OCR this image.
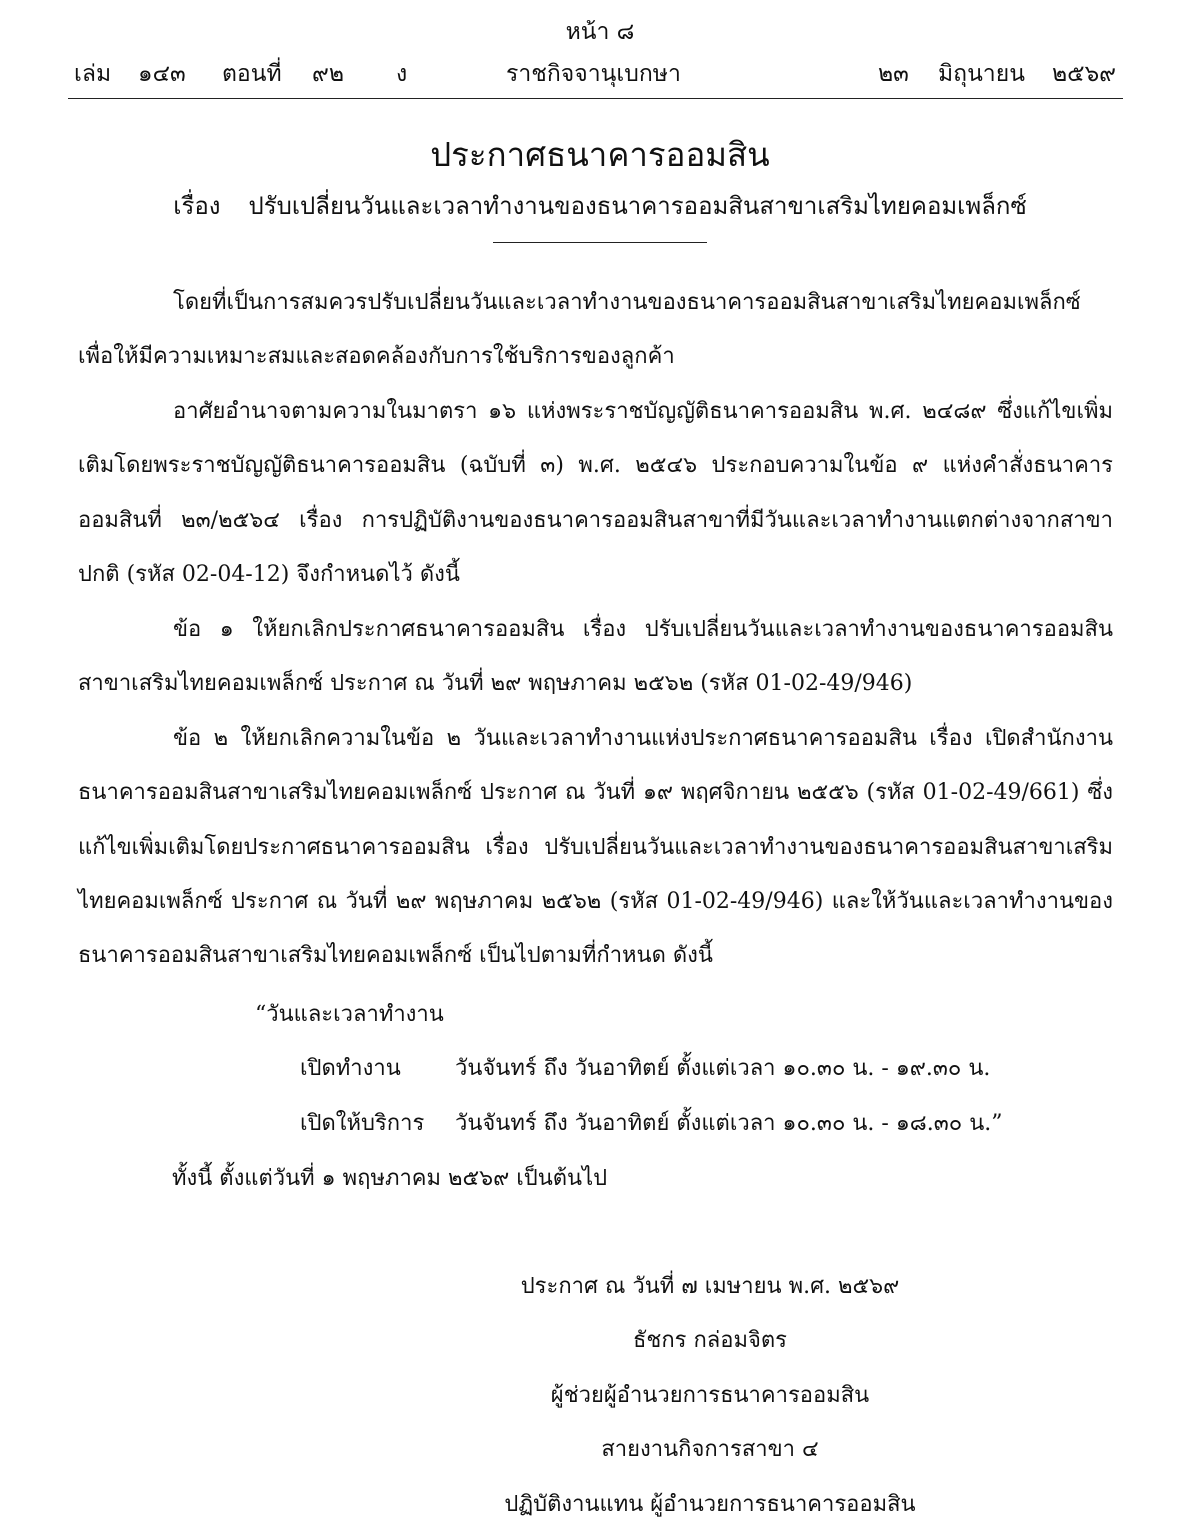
หน้า ๘
เล่ม ๑๔๓ ตอนที่ ๙๒ ง	ราชกิจจานุเบกษา	๒๓ มิถุนายน ๒๕๖๙
ประกาศธนาคารออมสิน
เรื่อง ปรับเปลี่ยนวันและเวลาทำงานของธนาคารออมสินสาขาเสริมไทยคอมเพล็กซ์

โดยที่เป็นการสมควรปรับเปลี่ยนวันและเวลาทำงานของธนาคารออมสินสาขาเสริมไทยคอมเพล็กซ์ เพื่อให้มีความเหมาะสมและสอดคล้องกับการใช้บริการของลูกค้า

อาศัยอำนาจตามความในมาตรา ๑๖ แห่งพระราชบัญญัติธนาคารออมสิน พ.ศ. ๒๔๘๙ ซึ่งแก้ไขเพิ่มเติมโดยพระราชบัญญัติธนาคารออมสิน (ฉบับที่ ๓) พ.ศ. ๒๕๔๖ ประกอบความในข้อ ๙ แห่งคำสั่งธนาคารออมสินที่ ๒๓/๒๕๖๔ เรื่อง การปฏิบัติงานของธนาคารออมสินสาขาที่มีวันและเวลาทำงานแตกต่างจากสาขาปกติ (รหัส 02-04-12) จึงกำหนดไว้ ดังนี้

ข้อ ๑ ให้ยกเลิกประกาศธนาคารออมสิน เรื่อง ปรับเปลี่ยนวันและเวลาทำงานของธนาคารออมสินสาขาเสริมไทยคอมเพล็กซ์ ประกาศ ณ วันที่ ๒๙ พฤษภาคม ๒๕๖๒ (รหัส 01-02-49/946)

ข้อ ๒ ให้ยกเลิกความในข้อ ๒ วันและเวลาทำงานแห่งประกาศธนาคารออมสิน เรื่อง เปิดสำนักงานธนาคารออมสินสาขาเสริมไทยคอมเพล็กซ์ ประกาศ ณ วันที่ ๑๙ พฤศจิกายน ๒๕๕๖ (รหัส 01-02-49/661) ซึ่งแก้ไขเพิ่มเติมโดยประกาศธนาคารออมสิน เรื่อง ปรับเปลี่ยนวันและเวลาทำงานของธนาคารออมสินสาขาเสริมไทยคอมเพล็กซ์ ประกาศ ณ วันที่ ๒๙ พฤษภาคม ๒๕๖๒ (รหัส 01-02-49/946) และให้วันและเวลาทำงานของธนาคารออมสินสาขาเสริมไทยคอมเพล็กซ์ เป็นไปตามที่กำหนด ดังนี้

“วันและเวลาทำงาน
เปิดทำงาน วันจันทร์ ถึง วันอาทิตย์ ตั้งแต่เวลา ๑๐.๓๐ น. - ๑๙.๓๐ น.
เปิดให้บริการ วันจันทร์ ถึง วันอาทิตย์ ตั้งแต่เวลา ๑๐.๓๐ น. - ๑๘.๓๐ น.”
ทั้งนี้ ตั้งแต่วันที่ ๑ พฤษภาคม ๒๕๖๙ เป็นต้นไป
ประกาศ ณ วันที่ ๗ เมษายน พ.ศ. ๒๕๖๙
ธัชกร กล่อมจิตร
ผู้ช่วยผู้อำนวยการธนาคารออมสิน
สายงานกิจการสาขา ๔
ปฏิบัติงานแทน ผู้อำนวยการธนาคารออมสิน
